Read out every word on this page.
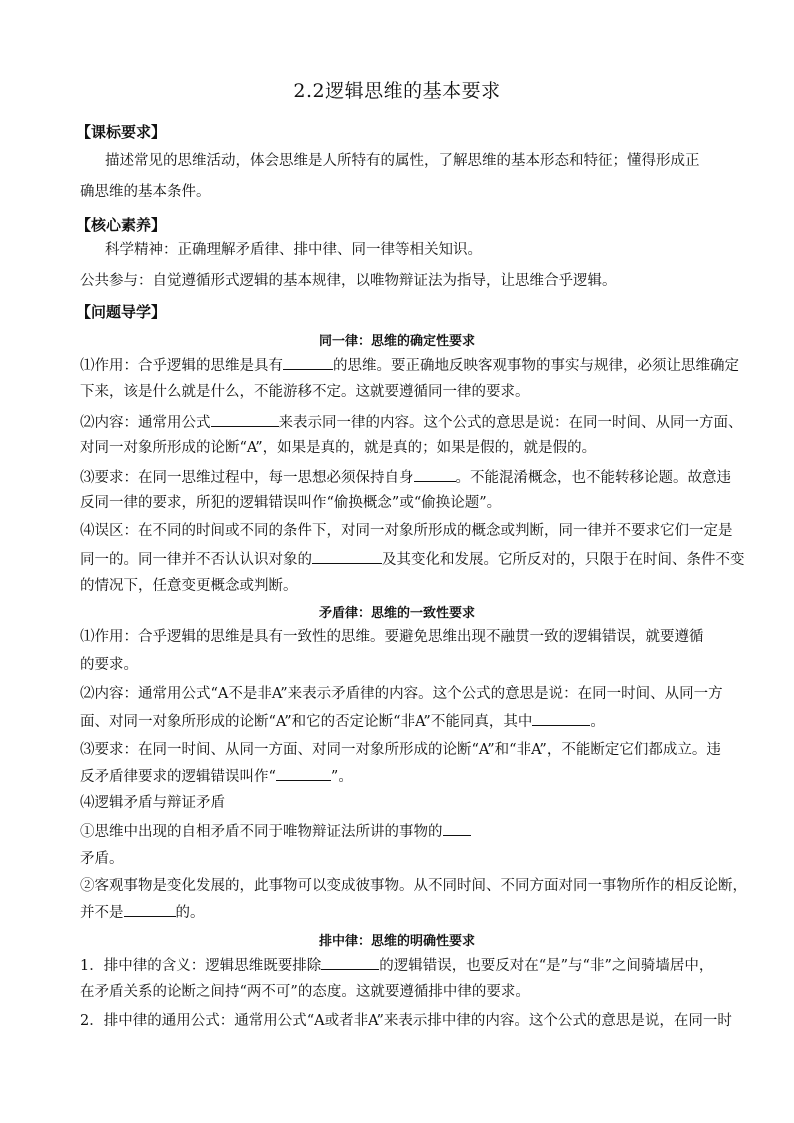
2.2逻辑思维的基本要求
【课标要求】
描述常见的思维活动，体会思维是人所特有的属性，了解思维的基本形态和特征；懂得形成正
确思维的基本条件。
【核心素养】
科学精神：正确理解矛盾律、排中律、同一律等相关知识。
公共参与：自觉遵循形式逻辑的基本规律，以唯物辩证法为指导，让思维合乎逻辑。
【问题导学】
同一律：思维的确定性要求
⑴作用：合乎逻辑的思维是具有	的思维。要正确地反映客观事物的事实与规律，必须让思维确定
下来，该是什么就是什么，不能游移不定。这就要遵循同一律的要求。
⑵内容：通常用公式	来表示同一律的内容。这个公式的意思是说：在同一时间、从同一方面、
对同一对象所形成的论断“A”，如果是真的，就是真的；如果是假的，就是假的。
⑶要求：在同一思维过程中，每一思想必须保持自身	。不能混淆概念，也不能转移论题。故意违
反同一律的要求，所犯的逻辑错误叫作“偷换概念”或“偷换论题”。
⑷误区：在不同的时间或不同的条件下，对同一对象所形成的概念或判断，同一律并不要求它们一定是
同一的。同一律并不否认认识对象的	及其变化和发展。它所反对的，只限于在时间、条件不变
的情况下，任意变更概念或判断。
矛盾律：思维的一致性要求
⑴作用：合乎逻辑的思维是具有一致性的思维。要避免思维出现不融贯一致的逻辑错误，就要遵循
的要求。
⑵内容：通常用公式“A不是非A”来表示矛盾律的内容。这个公式的意思是说：在同一时间、从同一方
面、对同一对象所形成的论断“A”和它的否定论断“非A”不能同真，其中	。
⑶要求：在同一时间、从同一方面、对同一对象所形成的论断“A”和“非A”，不能断定它们都成立。违
反矛盾律要求的逻辑错误叫作“	”。
⑷逻辑矛盾与辩证矛盾
①思维中出现的自相矛盾不同于唯物辩证法所讲的事物的
矛盾。
②客观事物是变化发展的，此事物可以变成彼事物。从不同时间、不同方面对同一事物所作的相反论断，
并不是	的。
排中律：思维的明确性要求
1．排中律的含义：逻辑思维既要排除	的逻辑错误，也要反对在“是”与“非”之间骑墙居中，
在矛盾关系的论断之间持“两不可”的态度。这就要遵循排中律的要求。
2．排中律的通用公式：通常用公式“A或者非A”来表示排中律的内容。这个公式的意思是说，在同一时
